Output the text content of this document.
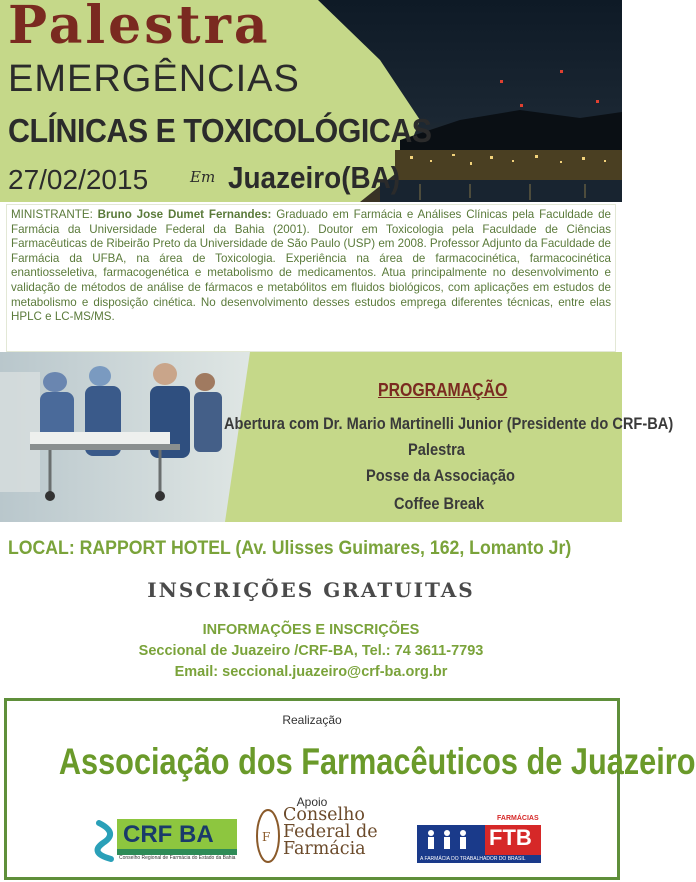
Palestra
EMERGÊNCIAS
CLÍNICAS E TOXICOLÓGICAS
27/02/2015	Em Juazeiro(BA)

MINISTRANTE: Bruno Jose Dumet Fernandes: Graduado em Farmácia e Análises Clínicas pela Faculdade de Farmácia da Universidade Federal da Bahia (2001). Doutor em Toxicologia pela Faculdade de Ciências Farmacêuticas de Ribeirão Preto da Universidade de São Paulo (USP) em 2008. Professor Adjunto da Faculdade de Farmácia da UFBA, na área de Toxicologia. Experiência na área de farmacocinética, farmacocinética enantiosseletiva, farmacogenética e metabolismo de medicamentos. Atua principalmente no desenvolvimento e validação de métodos de análise de fármacos e metabólitos em fluidos biológicos, com aplicações em estudos de metabolismo e disposição cinética. No desenvolvimento desses estudos emprega diferentes técnicas, entre elas HPLC e LC-MS/MS.

PROGRAMAÇÃO
Abertura com Dr. Mario Martinelli Junior (Presidente do CRF-BA)
Palestra
Posse da Associação
Coffee Break
LOCAL: RAPPORT HOTEL (Av. Ulisses Guimares, 162, Lomanto Jr)
INSCRIÇÕES GRATUITAS
INFORMAÇÕES E INSCRIÇÕES
Seccional de Juazeiro /CRF-BA, Tel.: 74 3611-7793
Email: seccional.juazeiro@crf-ba.org.br
Realização
Associação dos Farmacêuticos de Juazeiro
Apoio
CRF BA
Conselho Regional de Farmácia do Estado da Bahia
F
Conselho
Federal de
Farmácia
FARMÁCIAS
FTB
A FARMÁCIA DO TRABALHADOR DO BRASIL
